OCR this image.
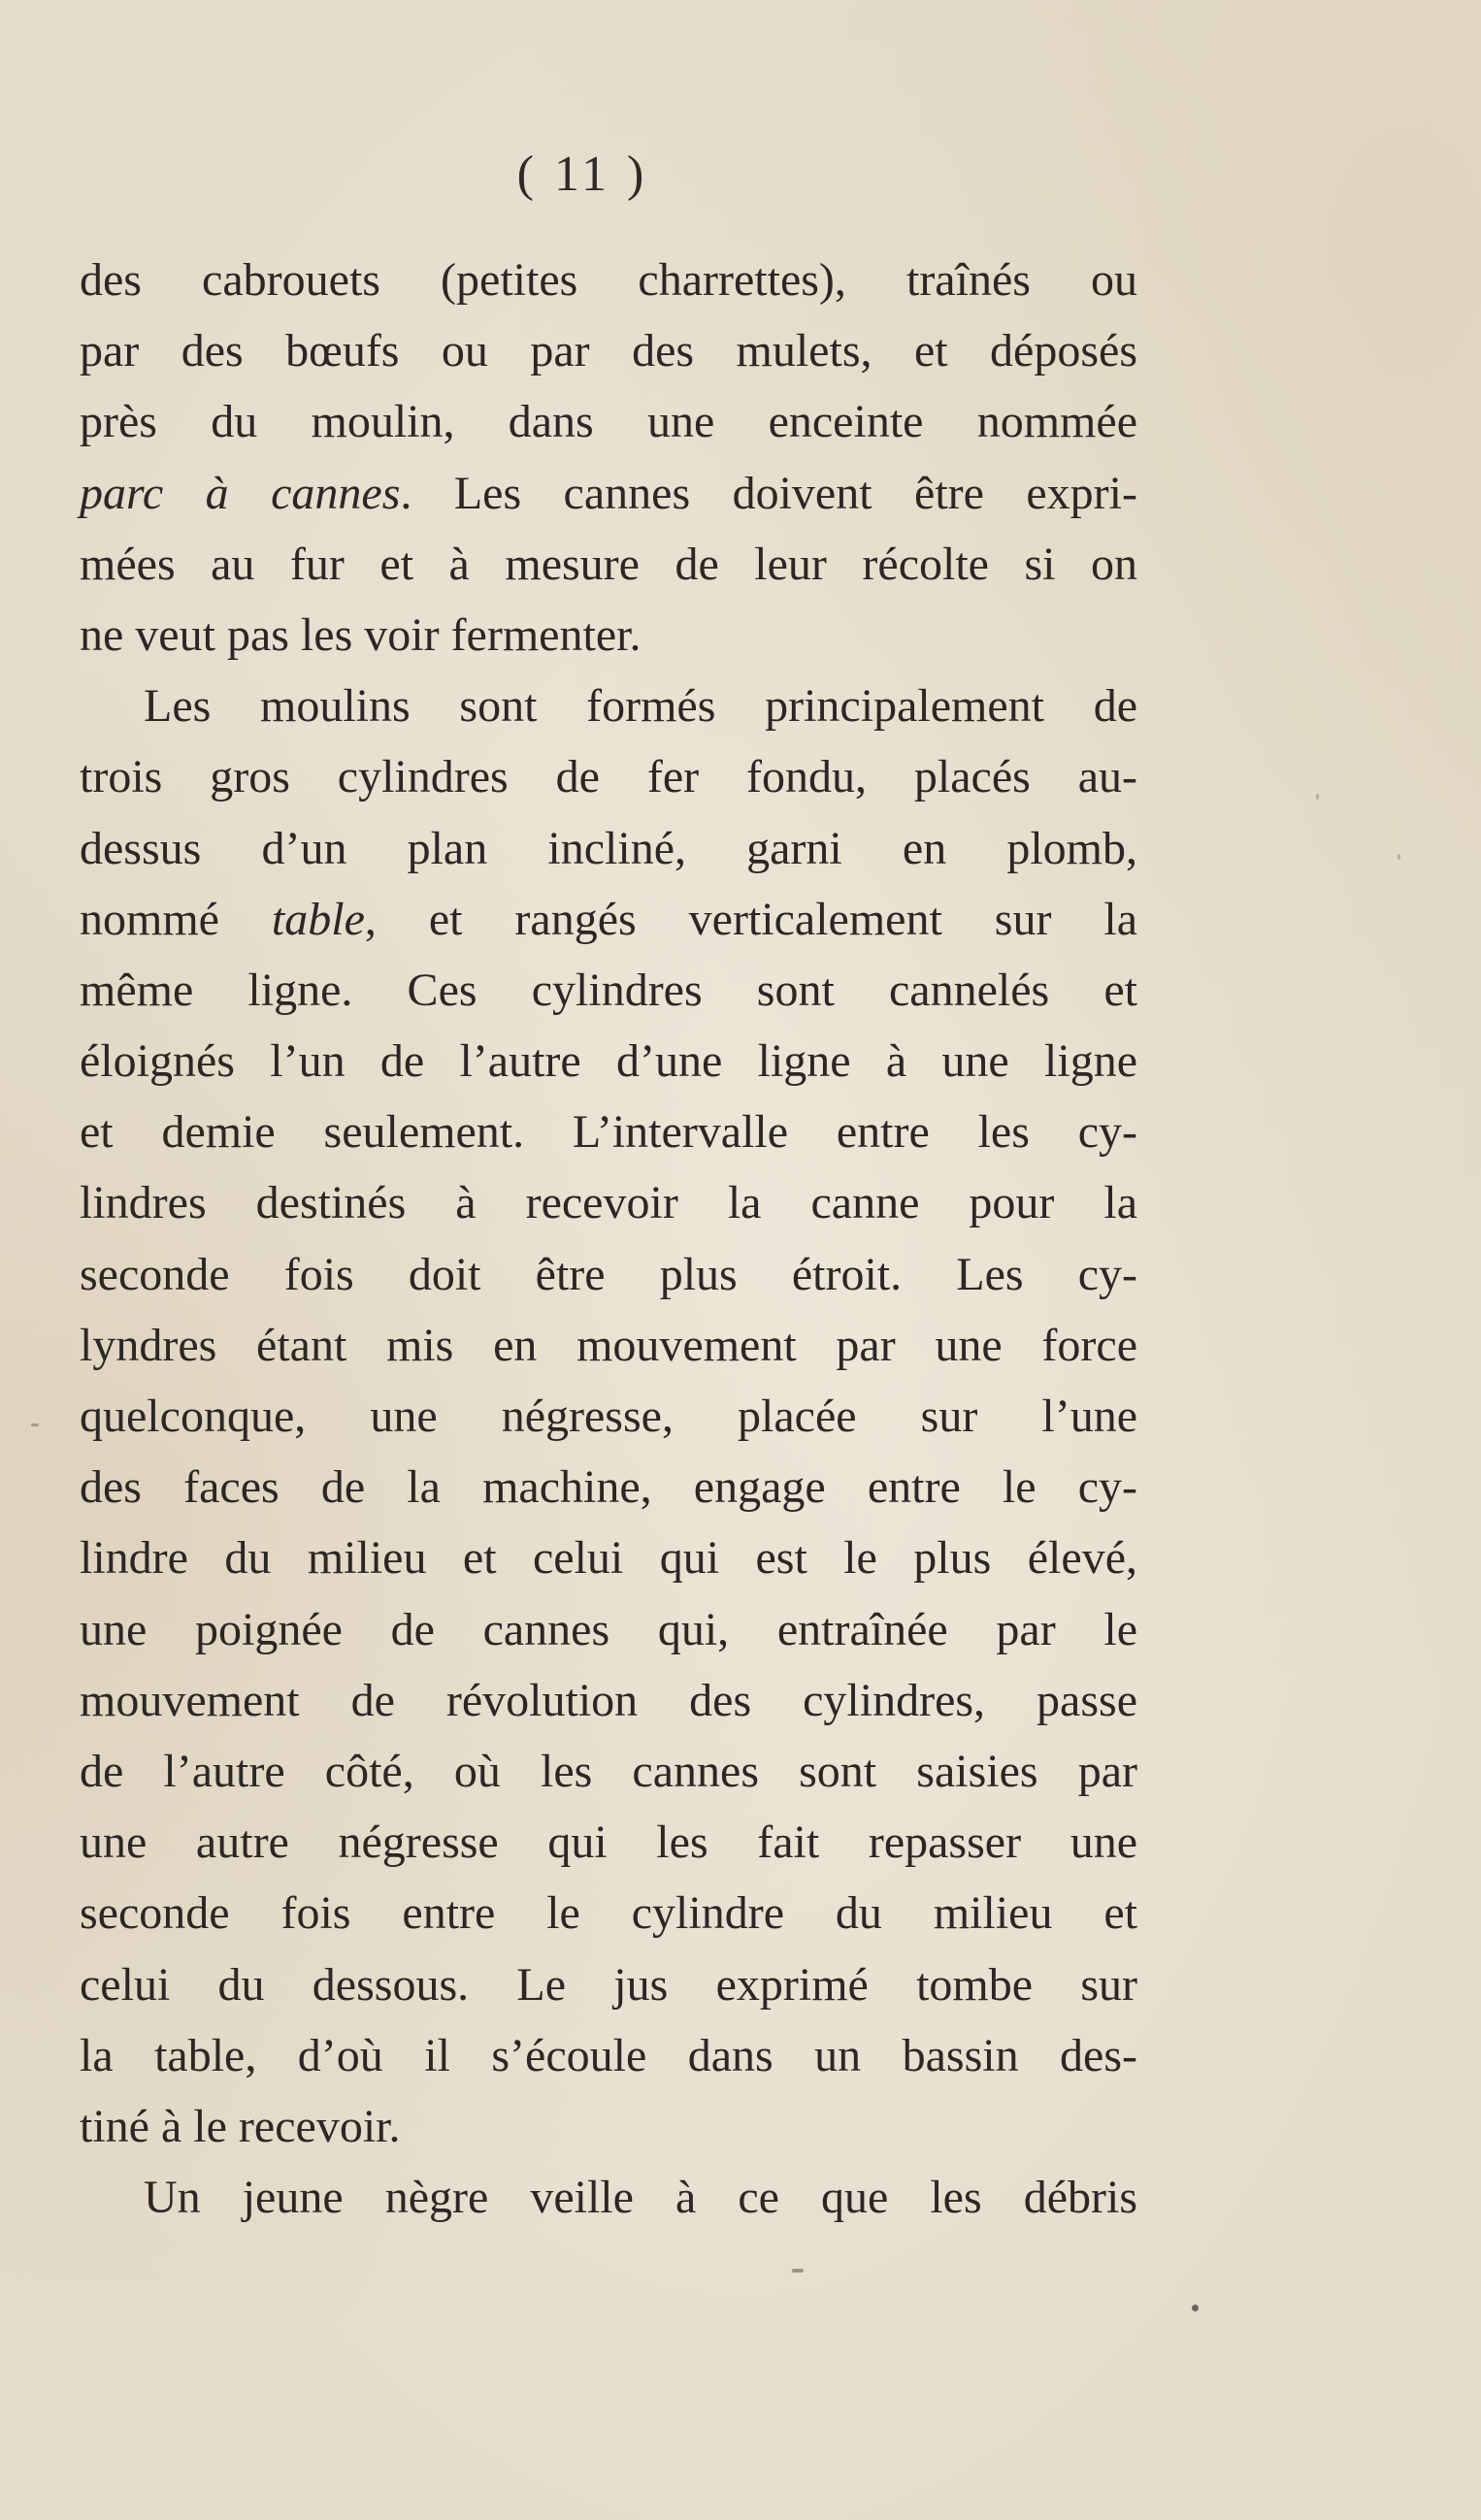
( 11 )
des cabrouets (petites charrettes), traînés ou
par des bœufs ou par des mulets, et déposés
près du moulin, dans une enceinte nommée
parc à cannes. Les cannes doivent être expri-
mées au fur et à mesure de leur récolte si on
ne veut pas les voir fermenter.
Les moulins sont formés principalement de
trois gros cylindres de fer fondu, placés au-
dessus d’un plan incliné, garni en plomb,
nommé table, et rangés verticalement sur la
même ligne. Ces cylindres sont cannelés et
éloignés l’un de l’autre d’une ligne à une ligne
et demie seulement. L’intervalle entre les cy-
lindres destinés à recevoir la canne pour la
seconde fois doit être plus étroit. Les cy-
lyndres étant mis en mouvement par une force
quelconque, une négresse, placée sur l’une
des faces de la machine, engage entre le cy-
lindre du milieu et celui qui est le plus élevé,
une poignée de cannes qui, entraînée par le
mouvement de révolution des cylindres, passe
de l’autre côté, où les cannes sont saisies par
une autre négresse qui les fait repasser une
seconde fois entre le cylindre du milieu et
celui du dessous. Le jus exprimé tombe sur
la table, d’où il s’écoule dans un bassin des-
tiné à le recevoir.
Un jeune nègre veille à ce que les débris
